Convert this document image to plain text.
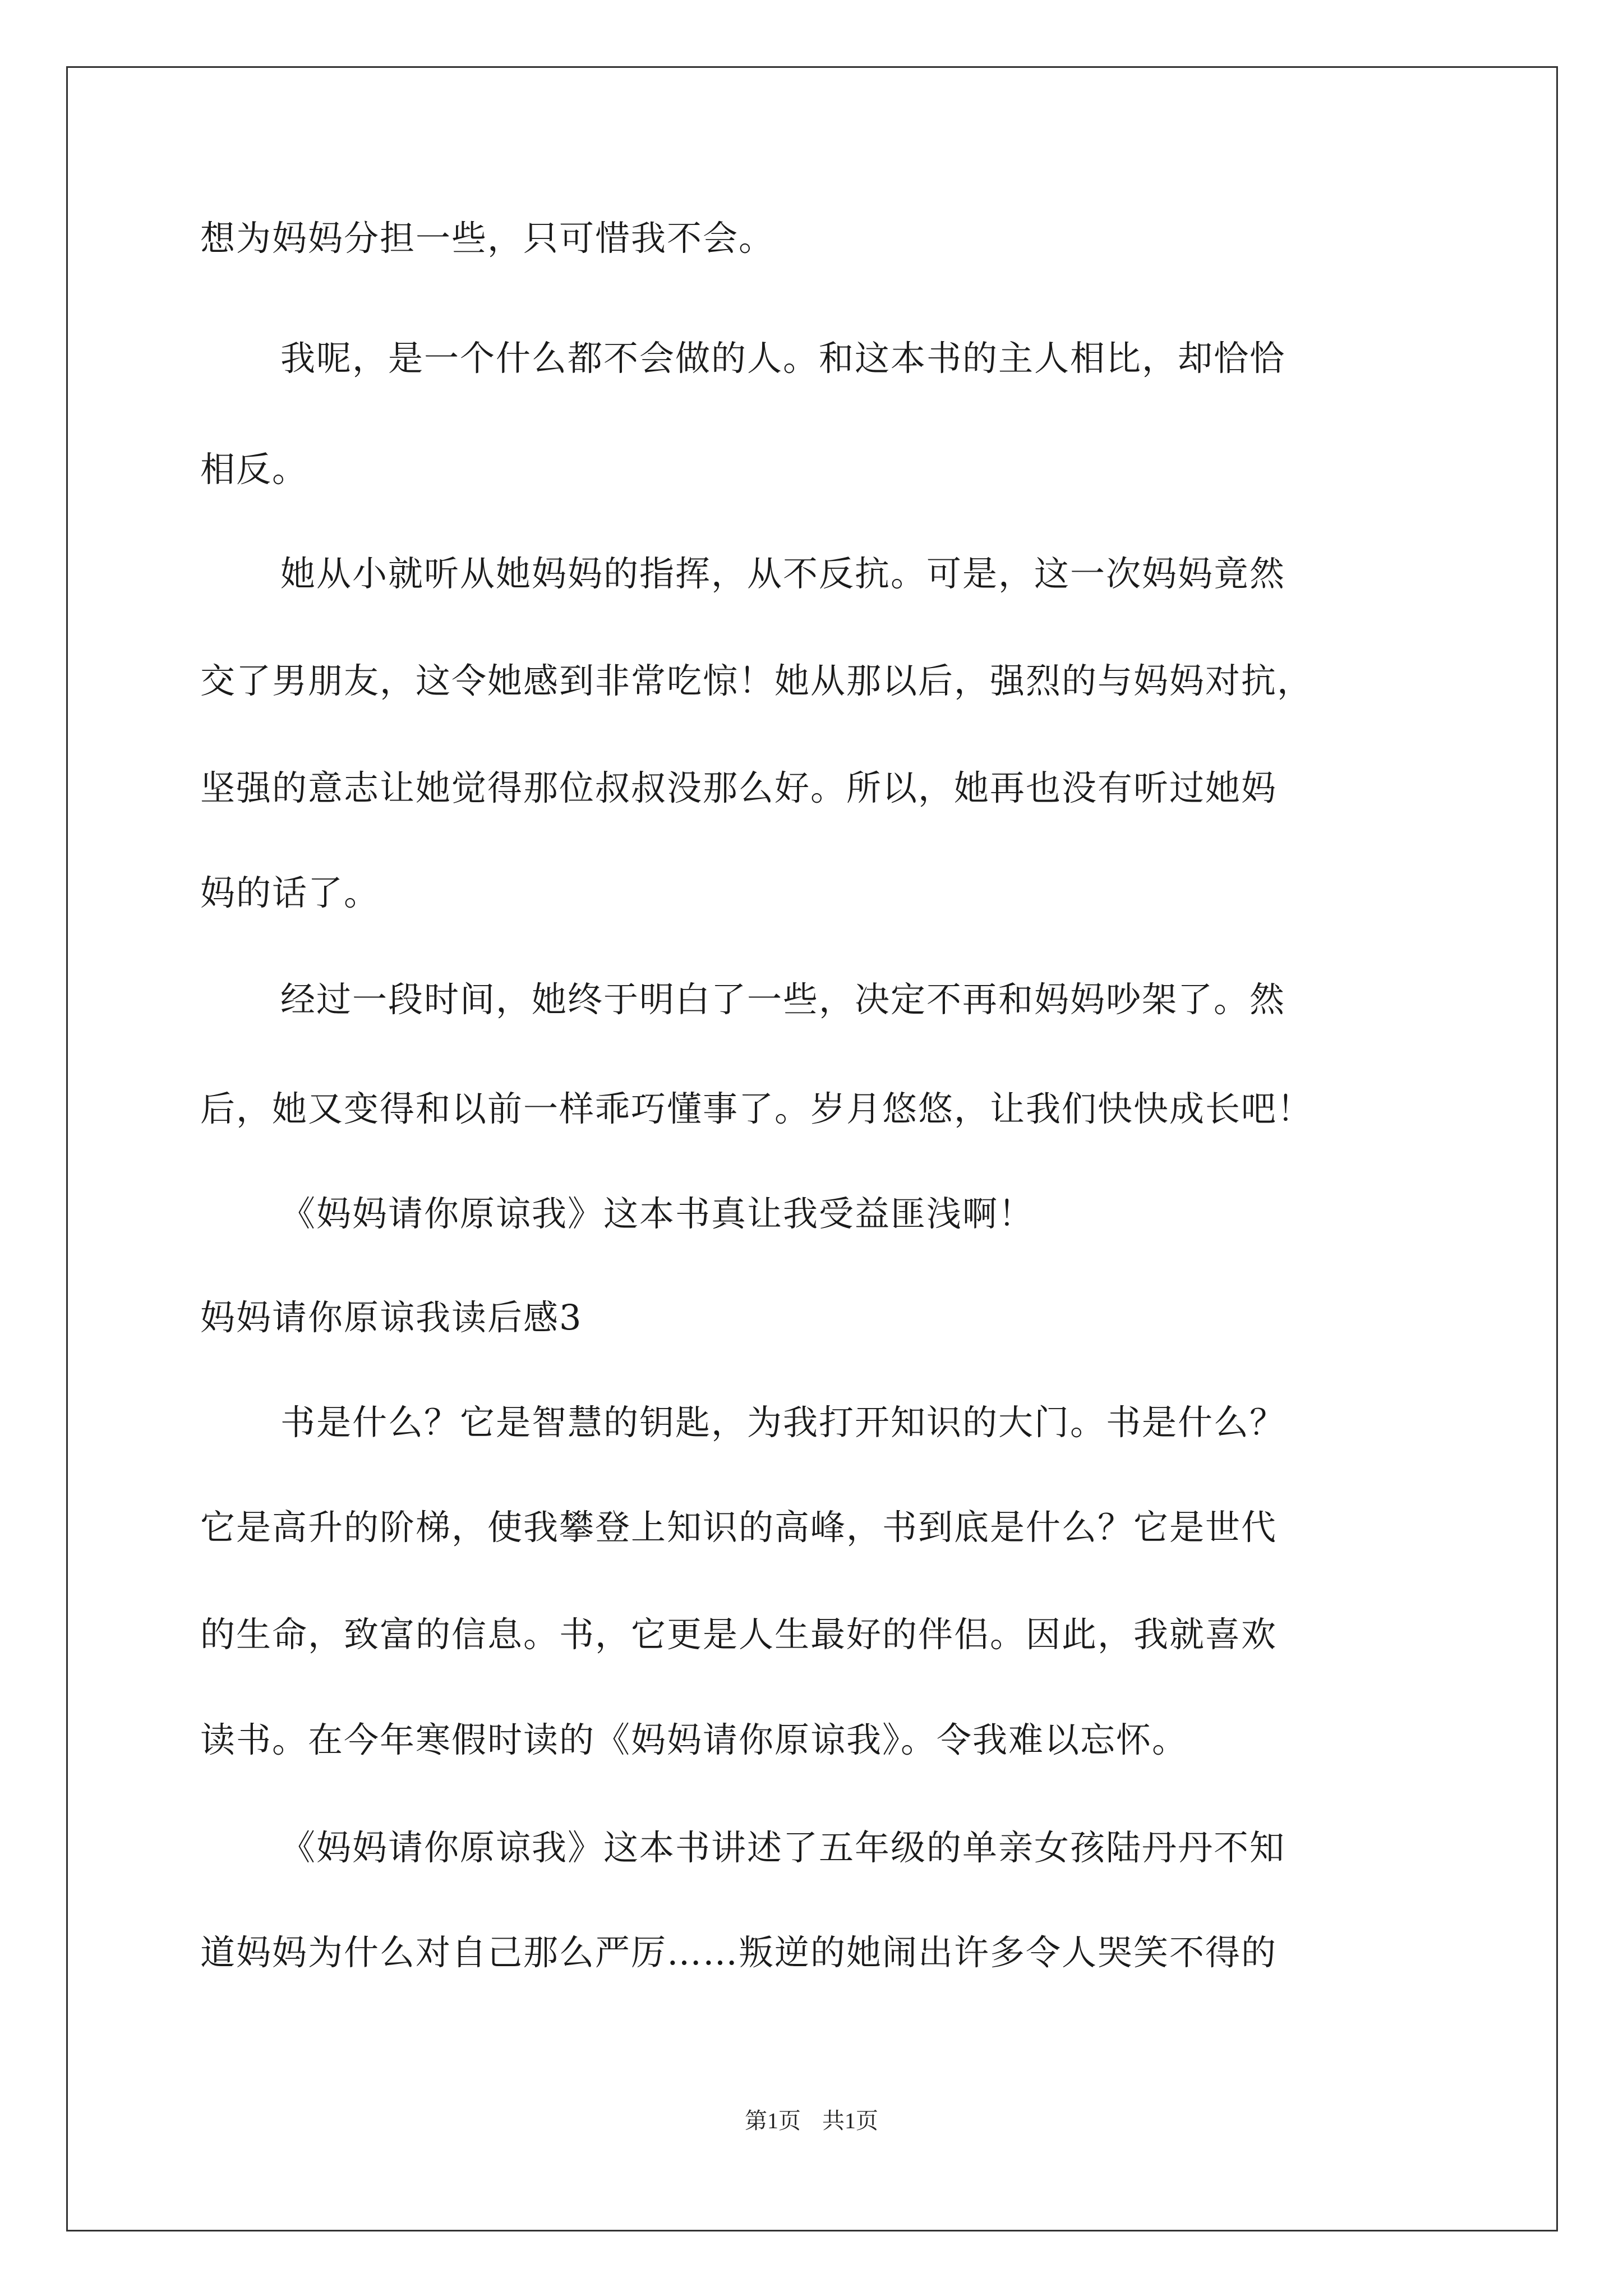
想为妈妈分担一些，只可惜我不会。
我呢，是一个什么都不会做的人。和这本书的主人相比，却恰恰
相反。
她从小就听从她妈妈的指挥，从不反抗。可是，这一次妈妈竟然
交了男朋友，这令她感到非常吃惊！她从那以后，强烈的与妈妈对抗，
坚强的意志让她觉得那位叔叔没那么好。所以，她再也没有听过她妈
妈的话了。
经过一段时间，她终于明白了一些，决定不再和妈妈吵架了。然
后，她又变得和以前一样乖巧懂事了。岁月悠悠，让我们快快成长吧！
《妈妈请你原谅我》这本书真让我受益匪浅啊！
妈妈请你原谅我读后感3
书是什么？它是智慧的钥匙，为我打开知识的大门。书是什么？
它是高升的阶梯，使我攀登上知识的高峰，书到底是什么？它是世代
的生命，致富的信息。书，它更是人生最好的伴侣。因此，我就喜欢
读书。在今年寒假时读的《妈妈请你原谅我》。令我难以忘怀。
《妈妈请你原谅我》这本书讲述了五年级的单亲女孩陆丹丹不知
道妈妈为什么对自己那么严厉……叛逆的她闹出许多令人哭笑不得的
第1页 共1页
